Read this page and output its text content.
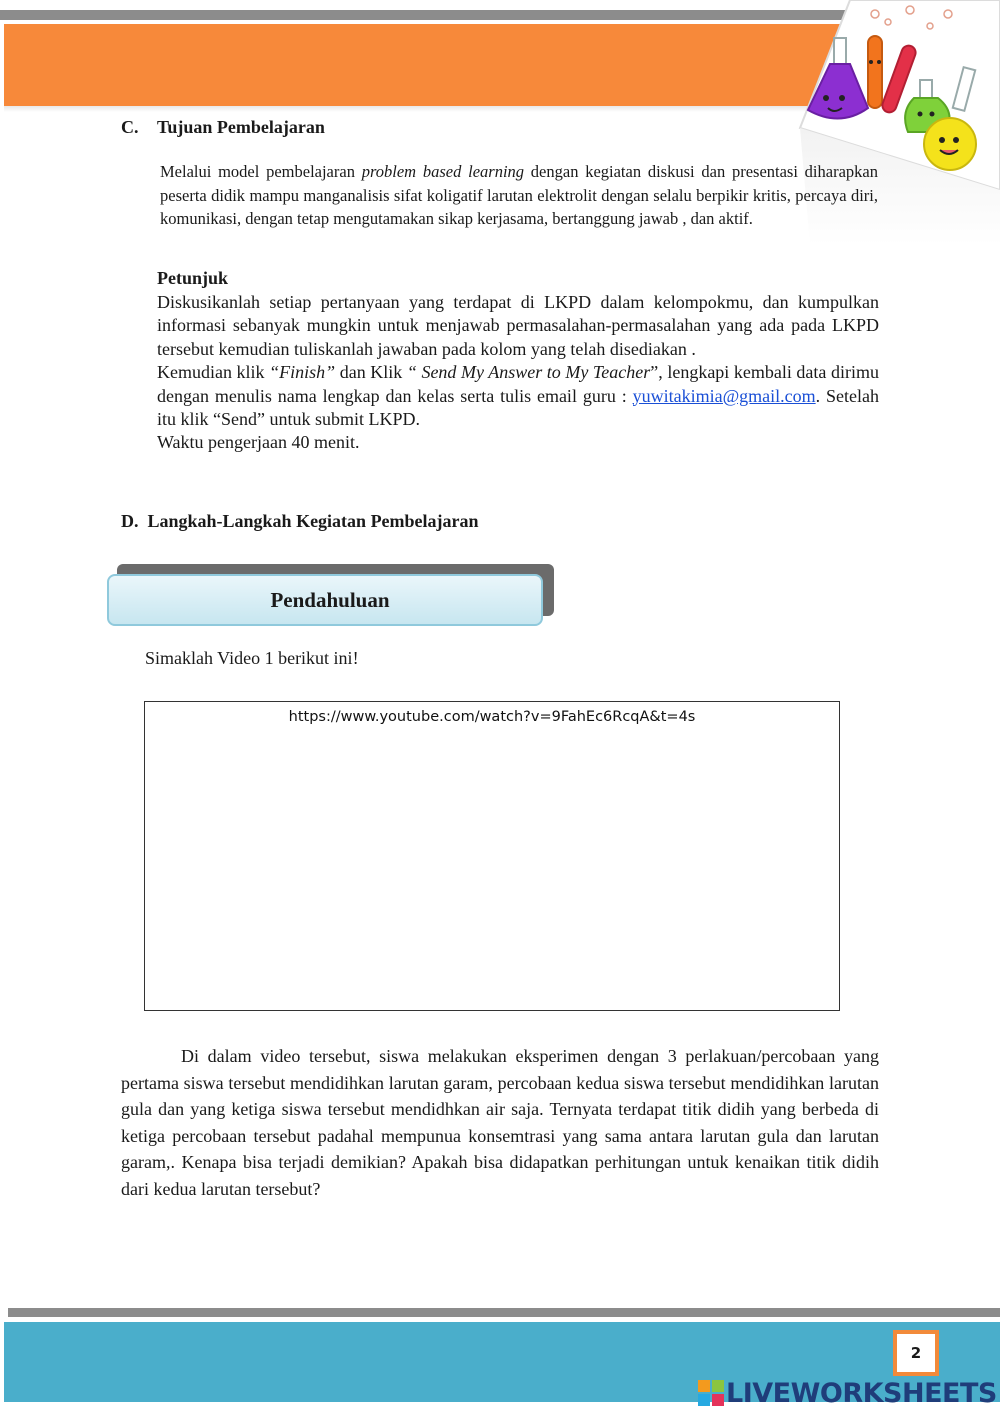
C. Tujuan Pembelajaran

Melalui model pembelajaran problem based learning dengan kegiatan diskusi dan presentasi diharapkan peserta didik mampu manganalisis sifat koligatif larutan elektrolit dengan selalu berpikir kritis, percaya diri, komunikasi, dengan tetap mengutamakan sikap kerjasama, bertanggung jawab , dan aktif.

Petunjuk
Diskusikanlah setiap pertanyaan yang terdapat di LKPD dalam kelompokmu, dan kumpulkan informasi sebanyak mungkin untuk menjawab permasalahan-permasalahan yang ada pada LKPD tersebut kemudian tuliskanlah jawaban pada kolom yang telah disediakan .
Kemudian klik “Finish” dan Klik “ Send My Answer to My Teacher”, lengkapi kembali data dirimu dengan menulis nama lengkap dan kelas serta tulis email guru : yuwitakimia@gmail.com. Setelah itu klik “Send” untuk submit LKPD.
Waktu pengerjaan 40 menit.
D. Langkah-Langkah Kegiatan Pembelajaran
Pendahuluan
Simaklah Video 1 berikut ini!
https://www.youtube.com/watch?v=9FahEc6RcqA&t=4s

Di dalam video tersebut, siswa melakukan eksperimen dengan 3 perlakuan/percobaan yang pertama siswa tersebut mendidihkan larutan garam, percobaan kedua siswa tersebut mendidihkan larutan gula dan yang ketiga siswa tersebut mendidhkan air saja. Ternyata terdapat titik didih yang berbeda di ketiga percobaan tersebut padahal mempunua konsemtrasi yang sama antara larutan gula dan larutan garam,. Kenapa bisa terjadi demikian? Apakah bisa didapatkan perhitungan untuk kenaikan titik didih dari kedua larutan tersebut?

2
LIVEWORKSHEETS
